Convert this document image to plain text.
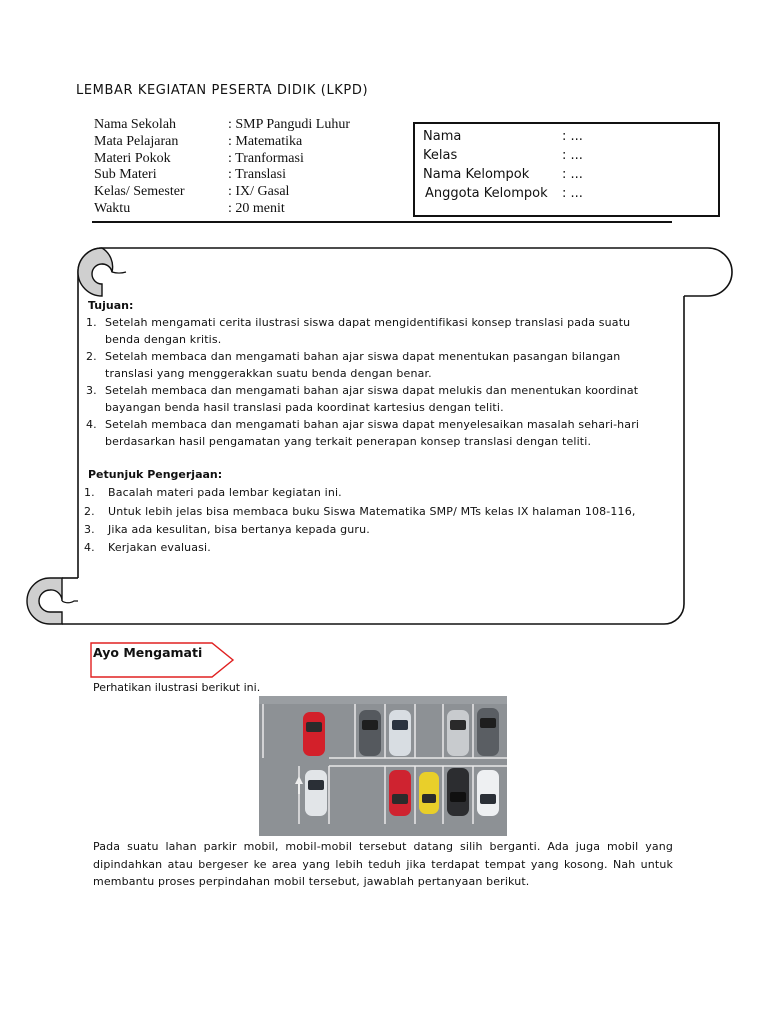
LEMBAR KEGIATAN PESERTA DIDIK (LKPD)
Nama Sekolah	: SMP Pangudi Luhur
Mata Pelajaran	: Matematika
Materi Pokok	: Tranformasi
Sub Materi	: Translasi
Kelas/ Semester	: IX/ Gasal
Waktu	: 20 menit
Nama	: ...
Kelas	: ...
Nama Kelompok	: ...
Anggota Kelompok : ...
Tujuan:
1. Setelah mengamati cerita ilustrasi siswa dapat mengidentifikasi konsep translasi pada suatu
benda dengan kritis.
2. Setelah membaca dan mengamati bahan ajar siswa dapat menentukan pasangan bilangan
translasi yang menggerakkan suatu benda dengan benar.
3. Setelah membaca dan mengamati bahan ajar siswa dapat melukis dan menentukan koordinat
bayangan benda hasil translasi pada koordinat kartesius dengan teliti.
4. Setelah membaca dan mengamati bahan ajar siswa dapat menyelesaikan masalah sehari-hari
berdasarkan hasil pengamatan yang terkait penerapan konsep translasi dengan teliti.
Petunjuk Pengerjaan:
1. Bacalah materi pada lembar kegiatan ini.
2. Untuk lebih jelas bisa membaca buku Siswa Matematika SMP/ MTs kelas IX halaman 108-116,
3. Jika ada kesulitan, bisa bertanya kepada guru.
4. Kerjakan evaluasi.
Ayo Mengamati
Perhatikan ilustrasi berikut ini.
Pada suatu lahan parkir mobil, mobil-mobil tersebut datang silih berganti. Ada juga mobil yang dipindahkan atau bergeser ke area yang lebih teduh jika terdapat tempat yang kosong. Nah untuk membantu proses perpindahan mobil tersebut, jawablah pertanyaan berikut.
